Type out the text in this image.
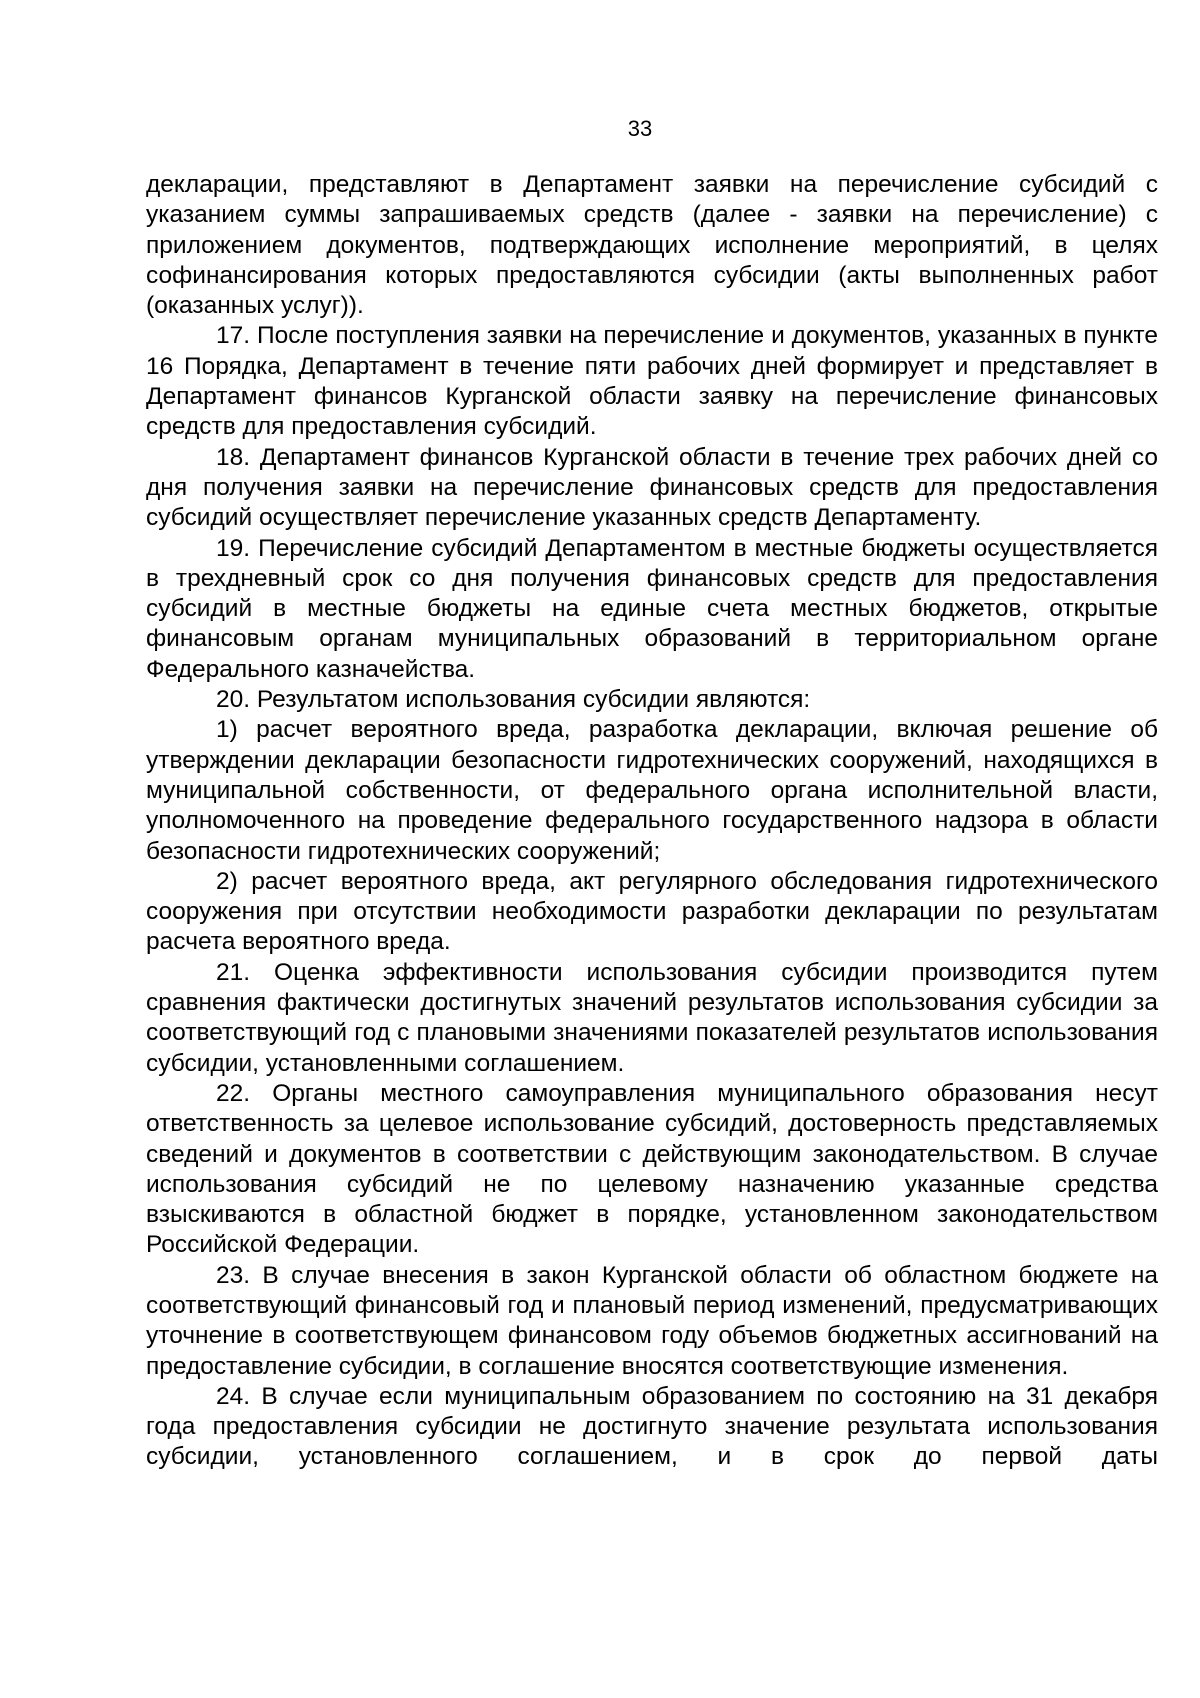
33

декларации, представляют в Департамент заявки на перечисление субсидий с указанием суммы запрашиваемых средств (далее - заявки на перечисление) с приложением документов, подтверждающих исполнение мероприятий, в целях софинансирования которых предоставляются субсидии (акты выполненных работ (оказанных услуг)).

17. После поступления заявки на перечисление и документов, указанных в пункте 16 Порядка, Департамент в течение пяти рабочих дней формирует и представляет в Департамент финансов Курганской области заявку на перечисление финансовых средств для предоставления субсидий.

18. Департамент финансов Курганской области в течение трех рабочих дней со дня получения заявки на перечисление финансовых средств для предоставления субсидий осуществляет перечисление указанных средств Департаменту.

19. Перечисление субсидий Департаментом в местные бюджеты осуществляется в трехдневный срок со дня получения финансовых средств для предоставления субсидий в местные бюджеты на единые счета местных бюджетов, открытые финансовым органам муниципальных образований в территориальном органе Федерального казначейства.

20. Результатом использования субсидии являются:

1) расчет вероятного вреда, разработка декларации, включая решение об утверждении декларации безопасности гидротехнических сооружений, находящихся в муниципальной собственности, от федерального органа исполнительной власти, уполномоченного на проведение федерального государственного надзора в области безопасности гидротехнических сооружений;

2) расчет вероятного вреда, акт регулярного обследования гидротехнического сооружения при отсутствии необходимости разработки декларации по результатам расчета вероятного вреда.

21. Оценка эффективности использования субсидии производится путем сравнения фактически достигнутых значений результатов использования субсидии за соответствующий год с плановыми значениями показателей результатов использования субсидии, установленными соглашением.

22. Органы местного самоуправления муниципального образования несут ответственность за целевое использование субсидий, достоверность представляемых сведений и документов в соответствии с действующим законодательством. В случае использования субсидий не по целевому назначению указанные средства взыскиваются в областной бюджет в порядке, установленном законодательством Российской Федерации.

23. В случае внесения в закон Курганской области об областном бюджете на соответствующий финансовый год и плановый период изменений, предусматривающих уточнение в соответствующем финансовом году объемов бюджетных ассигнований на предоставление субсидии, в соглашение вносятся соответствующие изменения.

24. В случае если муниципальным образованием по состоянию на 31 декабря года предоставления субсидии не достигнуто значение результата использования субсидии, установленного соглашением, и в срок до первой даты
